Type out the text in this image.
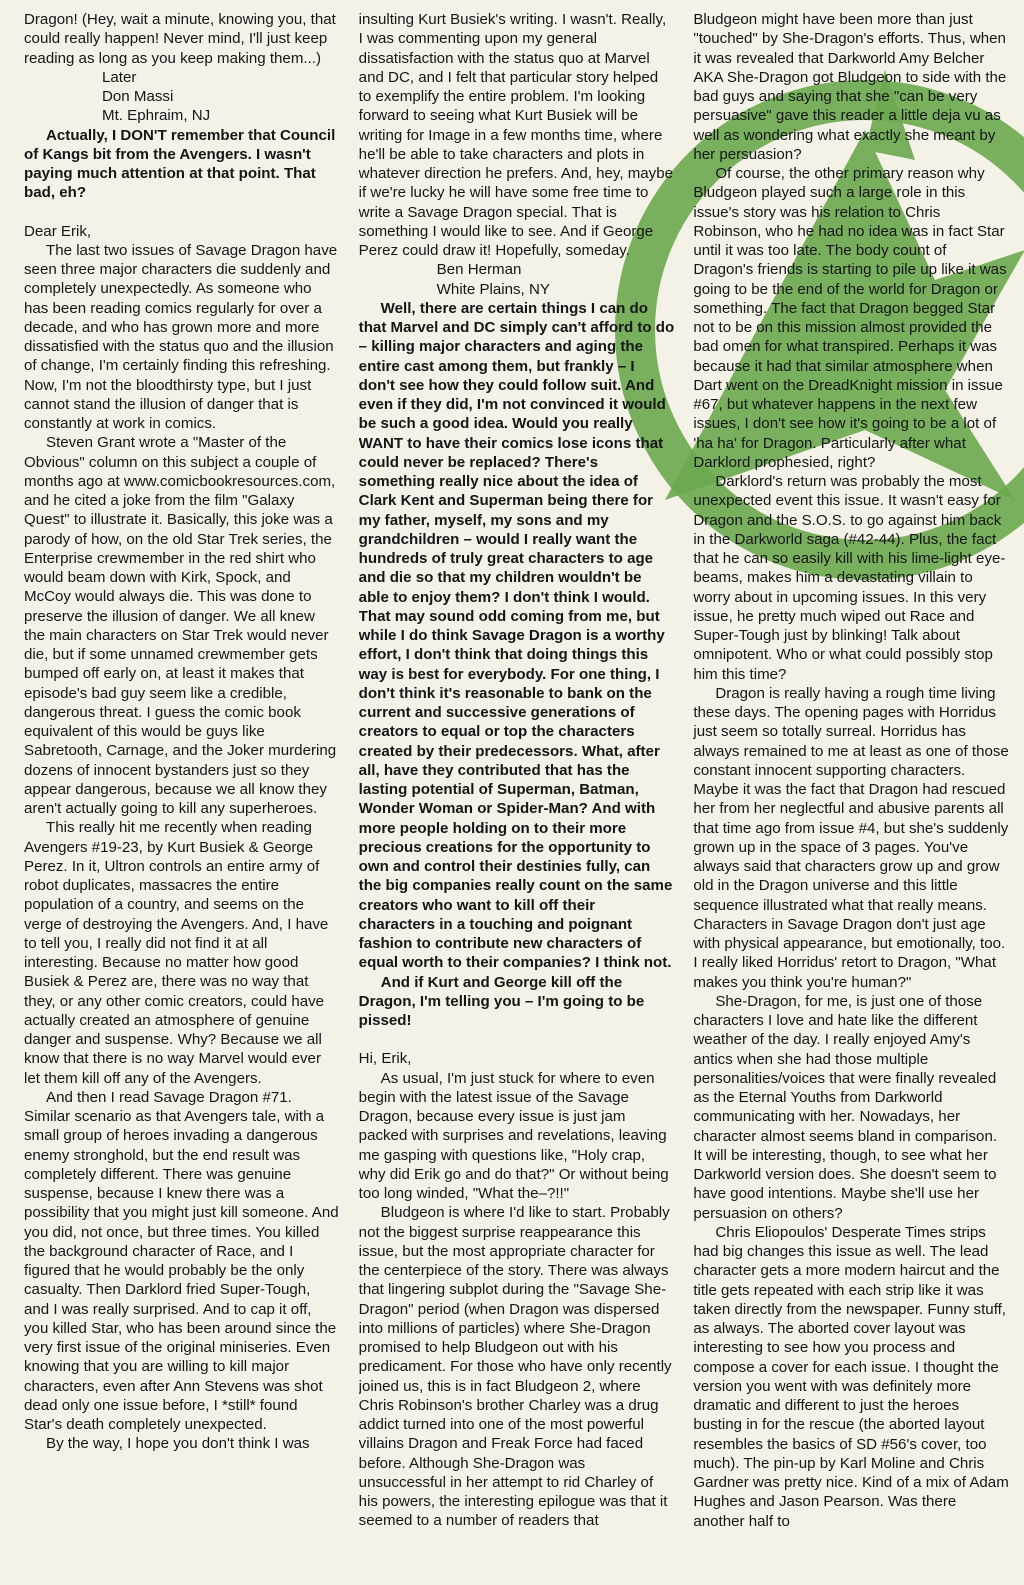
Dragon! (Hey, wait a minute, knowing you, that could really happen! Never mind, I'll just keep reading as long as you keep making them...)

Later

Don Massi

Mt. Ephraim, NJ

Actually, I DON'T remember that Council of Kangs bit from the Avengers. I wasn't paying much attention at that point. That bad, eh?

Dear Erik,

The last two issues of Savage Dragon have seen three major characters die suddenly and completely unexpectedly. As someone who has been reading comics regularly for over a decade, and who has grown more and more dissatisfied with the status quo and the illusion of change, I'm certainly finding this refreshing. Now, I'm not the bloodthirsty type, but I just cannot stand the illusion of danger that is constantly at work in comics.

Steven Grant wrote a "Master of the Obvious" column on this subject a couple of months ago at www.comicbookresources.com, and he cited a joke from the film "Galaxy Quest" to illustrate it. Basically, this joke was a parody of how, on the old Star Trek series, the Enterprise crewmember in the red shirt who would beam down with Kirk, Spock, and McCoy would always die. This was done to preserve the illusion of danger. We all knew the main characters on Star Trek would never die, but if some unnamed crewmember gets bumped off early on, at least it makes that episode's bad guy seem like a credible, dangerous threat. I guess the comic book equivalent of this would be guys like Sabretooth, Carnage, and the Joker murdering dozens of innocent bystanders just so they appear dangerous, because we all know they aren't actually going to kill any superheroes.

This really hit me recently when reading Avengers #19-23, by Kurt Busiek & George Perez. In it, Ultron controls an entire army of robot duplicates, massacres the entire population of a country, and seems on the verge of destroying the Avengers. And, I have to tell you, I really did not find it at all interesting. Because no matter how good Busiek & Perez are, there was no way that they, or any other comic creators, could have actually created an atmosphere of genuine danger and suspense. Why? Because we all know that there is no way Marvel would ever let them kill off any of the Avengers.

And then I read Savage Dragon #71. Similar scenario as that Avengers tale, with a small group of heroes invading a dangerous enemy stronghold, but the end result was completely different. There was genuine suspense, because I knew there was a possibility that you might just kill someone. And you did, not once, but three times. You killed the background character of Race, and I figured that he would probably be the only casualty. Then Darklord fried Super-Tough, and I was really surprised. And to cap it off, you killed Star, who has been around since the very first issue of the original miniseries. Even knowing that you are willing to kill major characters, even after Ann Stevens was shot dead only one issue before, I *still* found Star's death completely unexpected.

By the way, I hope you don't think I was

insulting Kurt Busiek's writing. I wasn't. Really, I was commenting upon my general dissatisfaction with the status quo at Marvel and DC, and I felt that particular story helped to exemplify the entire problem. I'm looking forward to seeing what Kurt Busiek will be writing for Image in a few months time, where he'll be able to take characters and plots in whatever direction he prefers. And, hey, maybe if we're lucky he will have some free time to write a Savage Dragon special. That is something I would like to see. And if George Perez could draw it! Hopefully, someday.

Ben Herman

White Plains, NY

Well, there are certain things I can do that Marvel and DC simply can't afford to do – killing major characters and aging the entire cast among them, but frankly – I don't see how they could follow suit. And even if they did, I'm not convinced it would be such a good idea. Would you really WANT to have their comics lose icons that could never be replaced? There's something really nice about the idea of Clark Kent and Superman being there for my father, myself, my sons and my grandchildren – would I really want the hundreds of truly great characters to age and die so that my children wouldn't be able to enjoy them? I don't think I would. That may sound odd coming from me, but while I do think Savage Dragon is a worthy effort, I don't think that doing things this way is best for everybody. For one thing, I don't think it's reasonable to bank on the current and successive generations of creators to equal or top the characters created by their predecessors. What, after all, have they contributed that has the lasting potential of Superman, Batman, Wonder Woman or Spider-Man? And with more people holding on to their more precious creations for the opportunity to own and control their destinies fully, can the big companies really count on the same creators who want to kill off their characters in a touching and poignant fashion to contribute new characters of equal worth to their companies? I think not.

And if Kurt and George kill off the Dragon, I'm telling you – I'm going to be pissed!

Hi, Erik,

As usual, I'm just stuck for where to even begin with the latest issue of the Savage Dragon, because every issue is just jam packed with surprises and revelations, leaving me gasping with questions like, "Holy crap, why did Erik go and do that?" Or without being too long winded, "What the–?!!"

Bludgeon is where I'd like to start. Probably not the biggest surprise reappearance this issue, but the most appropriate character for the centerpiece of the story. There was always that lingering subplot during the "Savage She-Dragon" period (when Dragon was dispersed into millions of particles) where She-Dragon promised to help Bludgeon out with his predicament. For those who have only recently joined us, this is in fact Bludgeon 2, where Chris Robinson's brother Charley was a drug addict turned into one of the most powerful villains Dragon and Freak Force had faced before. Although She-Dragon was unsuccessful in her attempt to rid Charley of his powers, the interesting epilogue was that it seemed to a number of readers that

Bludgeon might have been more than just "touched" by She-Dragon's efforts. Thus, when it was revealed that Darkworld Amy Belcher AKA She-Dragon got Bludgeon to side with the bad guys and saying that she "can be very persuasive" gave this reader a little deja vu as well as wondering what exactly she meant by her persuasion?

Of course, the other primary reason why Bludgeon played such a large role in this issue's story was his relation to Chris Robinson, who he had no idea was in fact Star until it was too late. The body count of Dragon's friends is starting to pile up like it was going to be the end of the world for Dragon or something. The fact that Dragon begged Star not to be on this mission almost provided the bad omen for what transpired. Perhaps it was because it had that similar atmosphere when Dart went on the DreadKnight mission in issue #67, but whatever happens in the next few issues, I don't see how it's going to be a lot of 'ha ha' for Dragon. Particularly after what Darklord prophesied, right?

Darklord's return was probably the most unexpected event this issue. It wasn't easy for Dragon and the S.O.S. to go against him back in the Darkworld saga (#42-44). Plus, the fact that he can so easily kill with his lime-light eye-beams, makes him a devastating villain to worry about in upcoming issues. In this very issue, he pretty much wiped out Race and Super-Tough just by blinking! Talk about omnipotent. Who or what could possibly stop him this time?

Dragon is really having a rough time living these days. The opening pages with Horridus just seem so totally surreal. Horridus has always remained to me at least as one of those constant innocent supporting characters. Maybe it was the fact that Dragon had rescued her from her neglectful and abusive parents all that time ago from issue #4, but she's suddenly grown up in the space of 3 pages. You've always said that characters grow up and grow old in the Dragon universe and this little sequence illustrated what that really means. Characters in Savage Dragon don't just age with physical appearance, but emotionally, too. I really liked Horridus' retort to Dragon, "What makes you think you're human?"

She-Dragon, for me, is just one of those characters I love and hate like the different weather of the day. I really enjoyed Amy's antics when she had those multiple personalities/voices that were finally revealed as the Eternal Youths from Darkworld communicating with her. Nowadays, her character almost seems bland in comparison. It will be interesting, though, to see what her Darkworld version does. She doesn't seem to have good intentions. Maybe she'll use her persuasion on others?

Chris Eliopoulos' Desperate Times strips had big changes this issue as well. The lead character gets a more modern haircut and the title gets repeated with each strip like it was taken directly from the newspaper. Funny stuff, as always. The aborted cover layout was interesting to see how you process and compose a cover for each issue. I thought the version you went with was definitely more dramatic and different to just the heroes busting in for the rescue (the aborted layout resembles the basics of SD #56's cover, too much). The pin-up by Karl Moline and Chris Gardner was pretty nice. Kind of a mix of Adam Hughes and Jason Pearson. Was there another half to
